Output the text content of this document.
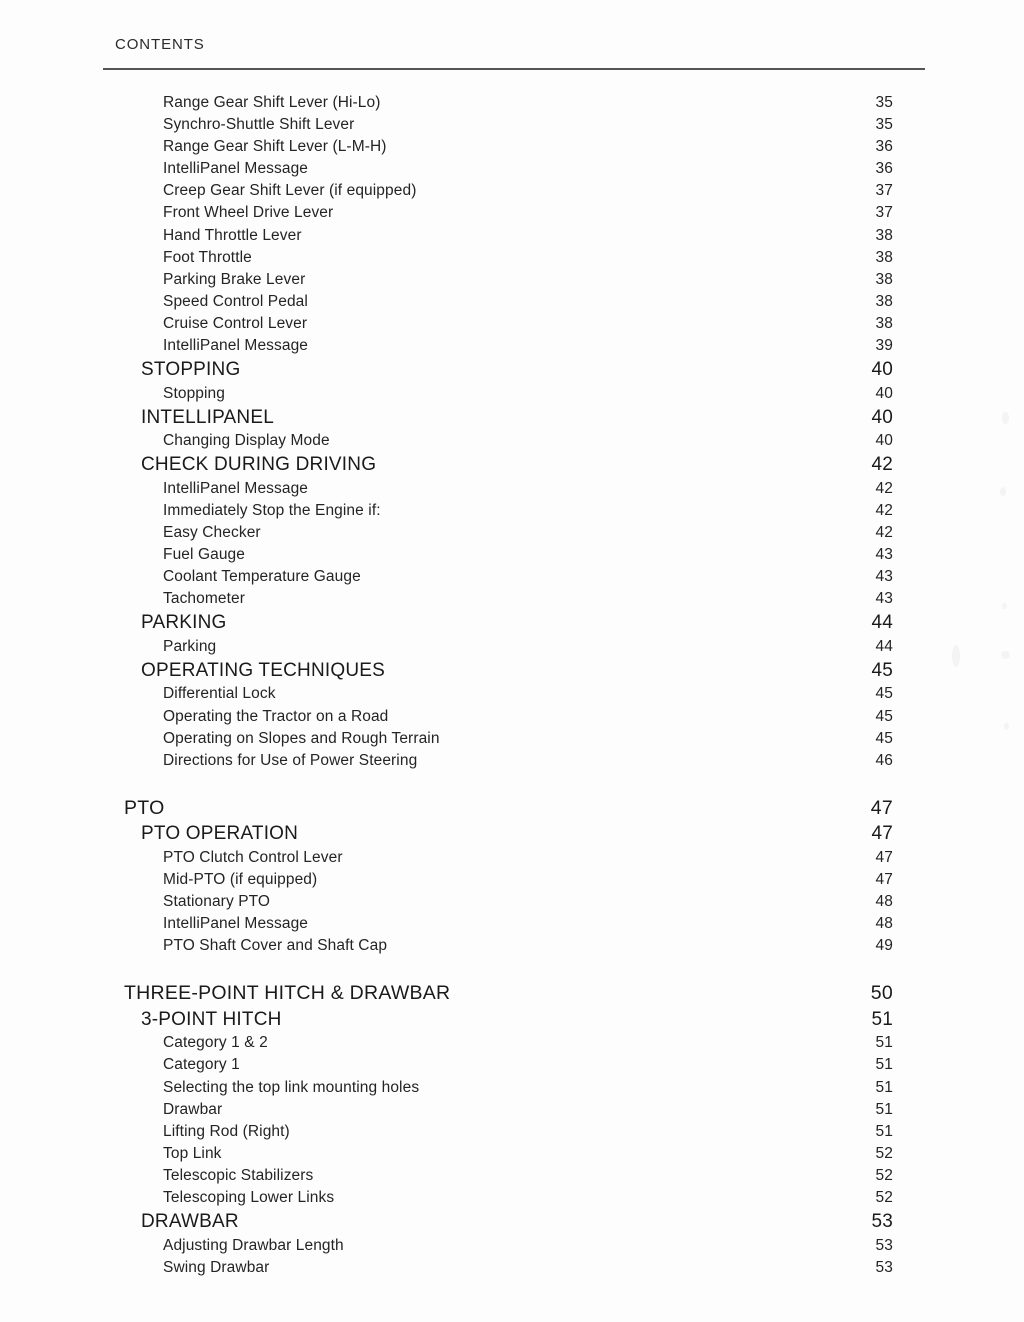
CONTENTS
Range Gear Shift Lever (Hi-Lo)	35
Synchro-Shuttle Shift Lever	35
Range Gear Shift Lever (L-M-H)	36
IntelliPanel Message	36
Creep Gear Shift Lever (if equipped)	37
Front Wheel Drive Lever	37
Hand Throttle Lever	38
Foot Throttle	38
Parking Brake Lever	38
Speed Control Pedal	38
Cruise Control Lever	38
IntelliPanel Message	39
STOPPING	40
Stopping	40
INTELLIPANEL	40
Changing Display Mode	40
CHECK DURING DRIVING	42
IntelliPanel Message	42
Immediately Stop the Engine if:	42
Easy Checker	42
Fuel Gauge	43
Coolant Temperature Gauge	43
Tachometer	43
PARKING	44
Parking	44
OPERATING TECHNIQUES	45
Differential Lock	45
Operating the Tractor on a Road	45
Operating on Slopes and Rough Terrain	45
Directions for Use of Power Steering	46
PTO	47
PTO OPERATION	47
PTO Clutch Control Lever	47
Mid-PTO (if equipped)	47
Stationary PTO	48
IntelliPanel Message	48
PTO Shaft Cover and Shaft Cap	49
THREE-POINT HITCH & DRAWBAR	50
3-POINT HITCH	51
Category 1 & 2	51
Category 1	51
Selecting the top link mounting holes	51
Drawbar	51
Lifting Rod (Right)	51
Top Link	52
Telescopic Stabilizers	52
Telescoping Lower Links	52
DRAWBAR	53
Adjusting Drawbar Length	53
Swing Drawbar	53
